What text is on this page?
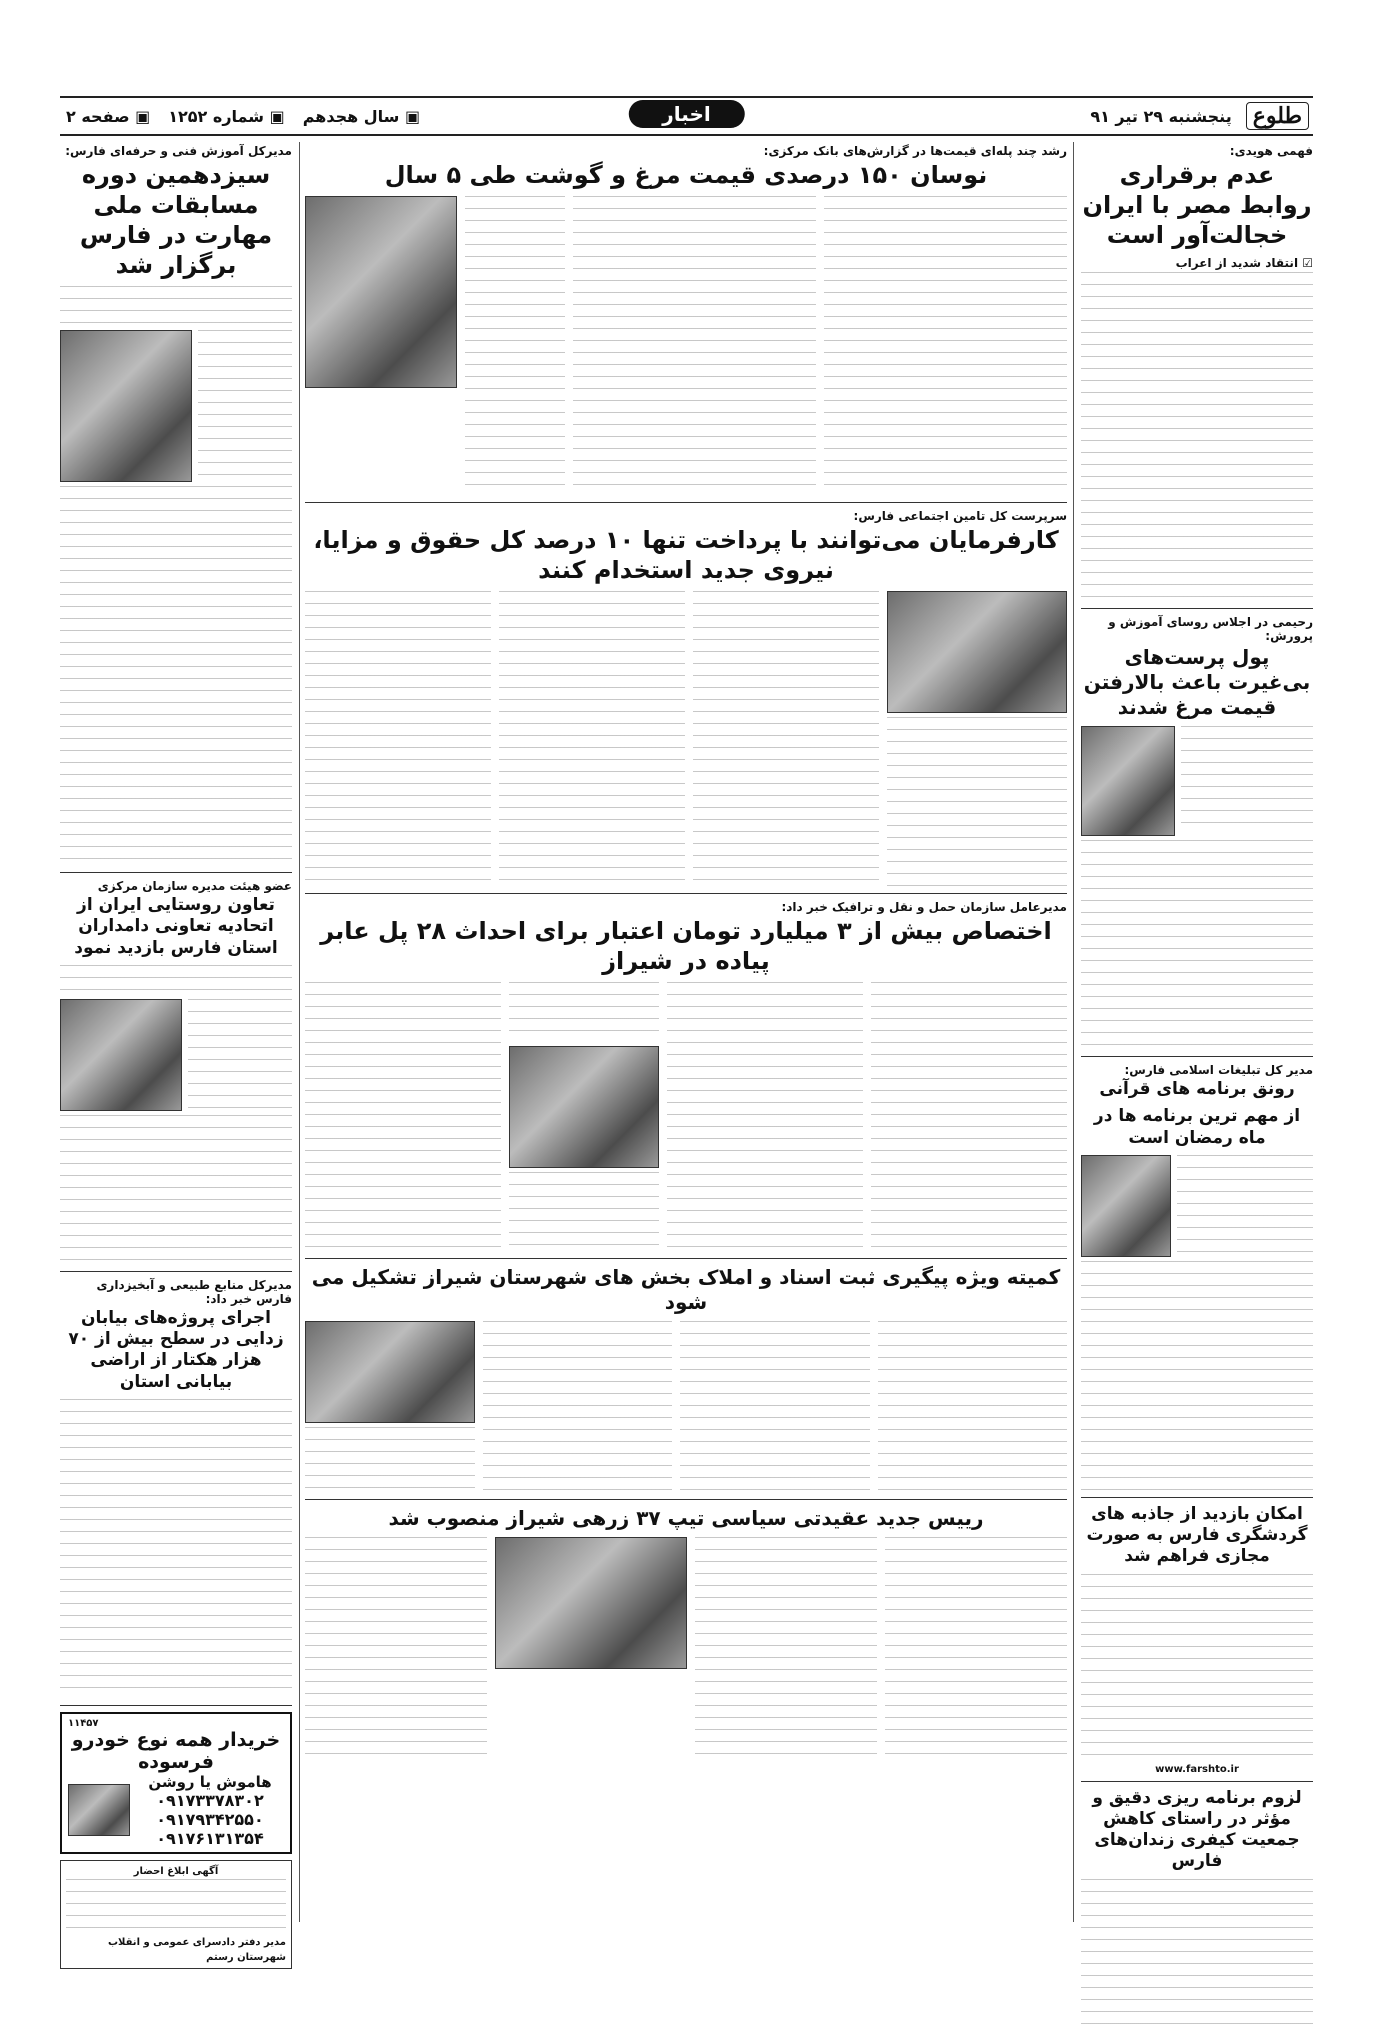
طلوع
پنجشنبه ۲۹ تیر ۹۱
اخبار
▣ سال هجدهم
▣ شماره ۱۲۵۲
▣ صفحه ۲
فهمی هویدی:
عدم برقراری روابط مصر با ایران خجالت‌آور است
☑ انتقاد شدید از اعراب
رحیمی در اجلاس روسای آموزش و پرورش:
پول پرست‌های بی‌غیرت باعث بالارفتن قیمت مرغ شدند
مدیر کل تبلیغات اسلامی فارس:
رونق برنامه های قرآنی
از مهم ترین برنامه ها در ماه رمضان است
امکان بازدید از جاذبه های گردشگری فارس به صورت مجازی فراهم شد
www.farshto.ir
لزوم برنامه ریزی دقیق و مؤثر در راستای کاهش جمعیت کیفری زندان‌های فارس
رشد چند پله‌ای قیمت‌ها در گزارش‌های بانک مرکزی:
نوسان ۱۵۰ درصدی قیمت مرغ و گوشت طی ۵ سال
سرپرست کل تامین اجتماعی فارس:
کارفرمایان می‌توانند با پرداخت تنها ۱۰ درصد کل حقوق و مزایا، نیروی جدید استخدام کنند
مدیرعامل سازمان حمل و نقل و ترافیک خبر داد:
اختصاص بیش از ۳ میلیارد تومان اعتبار برای احداث ۲۸ پل عابر پیاده در شیراز
کمیته ویژه پیگیری ثبت اسناد و املاک بخش های شهرستان شیراز تشکیل می شود
رییس جدید عقیدتی سیاسی تیپ ۳۷ زرهی شیراز منصوب شد
مدیرکل آموزش فنی و حرفه‌ای فارس:
سیزدهمین دوره مسابقات ملی مهارت در فارس برگزار شد
عضو هیئت مدیره سازمان مرکزی
تعاون روستایی ایران از اتحادیه تعاونی دامداران استان فارس بازدید نمود
مدیرکل منابع طبیعی و آبخیزداری فارس خبر داد:
اجرای پروژه‌های بیابان زدایی در سطح بیش از ۷۰ هزار هکتار از اراضی بیابانی استان
۱۱۴۵۷
خریدار همه نوع خودرو فرسوده
هاموش یا روشن
۰۹۱۷۳۳۷۸۳۰۲
۰۹۱۷۹۳۴۲۵۵۰
۰۹۱۷۶۱۳۱۳۵۴
آگهی ابلاغ احضار
مدیر دفتر دادسرای عمومی و انقلاب شهرستان رستم
